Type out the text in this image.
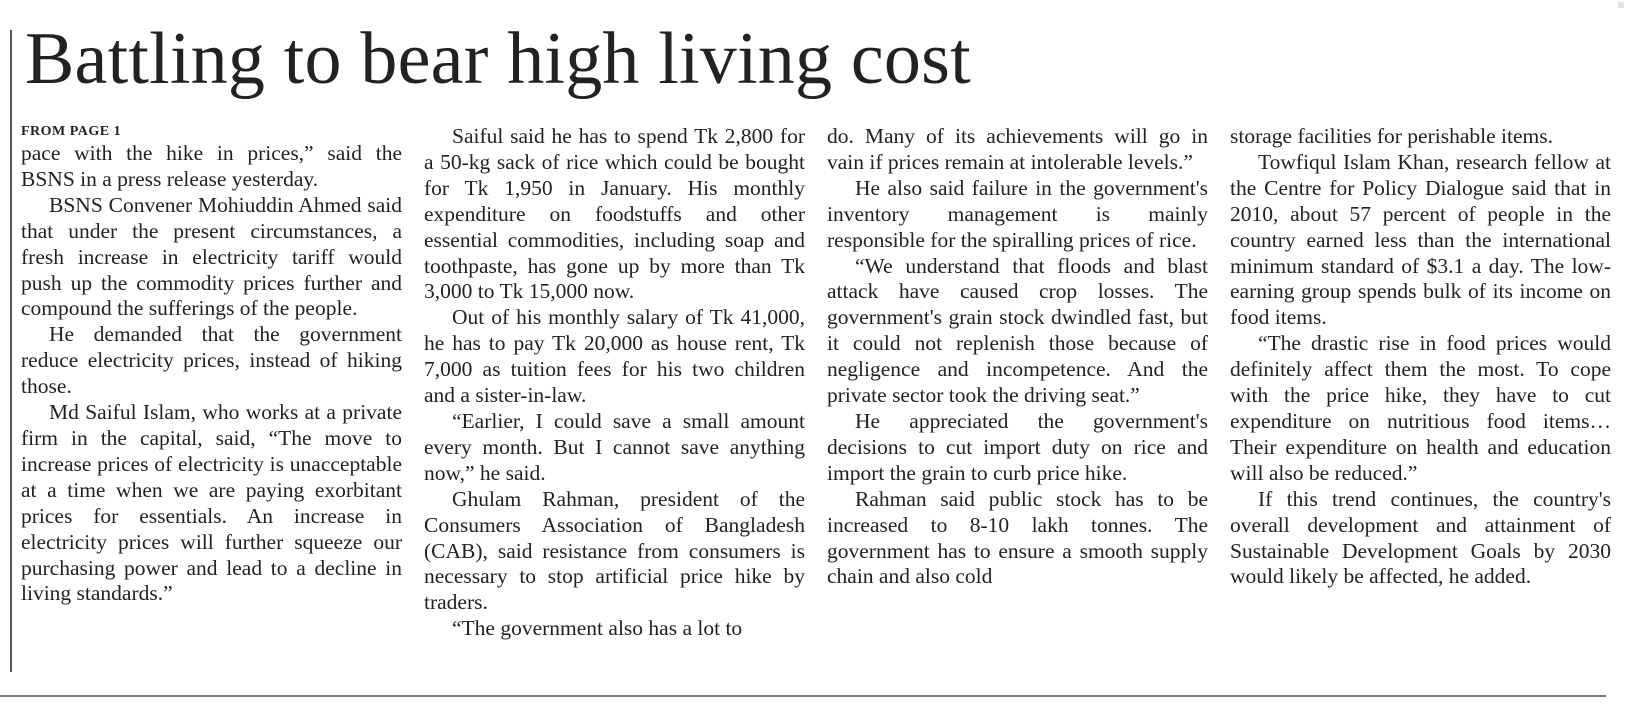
Battling to bear high living cost
FROM PAGE 1

pace with the hike in prices,” said the BSNS in a press release yesterday.

BSNS Convener Mohiuddin Ahmed said that under the present circumstances, a fresh increase in electricity tariff would push up the commodity prices further and compound the sufferings of the people.

He demanded that the government reduce electricity prices, instead of hiking those.

Md Saiful Islam, who works at a private firm in the capital, said, “The move to increase prices of electricity is unacceptable at a time when we are paying exorbitant prices for essentials. An increase in electricity prices will further squeeze our purchasing power and lead to a decline in living standards.”

Saiful said he has to spend Tk 2,800 for a 50-kg sack of rice which could be bought for Tk 1,950 in January. His monthly expenditure on foodstuffs and other essential commodities, including soap and toothpaste, has gone up by more than Tk 3,000 to Tk 15,000 now.

Out of his monthly salary of Tk 41,000, he has to pay Tk 20,000 as house rent, Tk 7,000 as tuition fees for his two children and a sister-in-law.

“Earlier, I could save a small amount every month. But I cannot save anything now,” he said.

Ghulam Rahman, president of the Consumers Association of Bangladesh (CAB), said resistance from consumers is necessary to stop artificial price hike by traders.

“The government also has a lot to

do. Many of its achievements will go in vain if prices remain at intolerable levels.”

He also said failure in the government's inventory management is mainly responsible for the spiralling prices of rice.

“We understand that floods and blast attack have caused crop losses. The government's grain stock dwindled fast, but it could not replenish those because of negligence and incompetence. And the private sector took the driving seat.”

He appreciated the government's decisions to cut import duty on rice and import the grain to curb price hike.

Rahman said public stock has to be increased to 8-10 lakh tonnes. The government has to ensure a smooth supply chain and also cold

storage facilities for perishable items.

Towfiqul Islam Khan, research fellow at the Centre for Policy Dialogue said that in 2010, about 57 percent of people in the country earned less than the international minimum standard of $3.1 a day. The low-earning group spends bulk of its income on food items.

“The drastic rise in food prices would definitely affect them the most. To cope with the price hike, they have to cut expenditure on nutritious food items… Their expenditure on health and education will also be reduced.”

If this trend continues, the country's overall development and attainment of Sustainable Development Goals by 2030 would likely be affected, he added.
